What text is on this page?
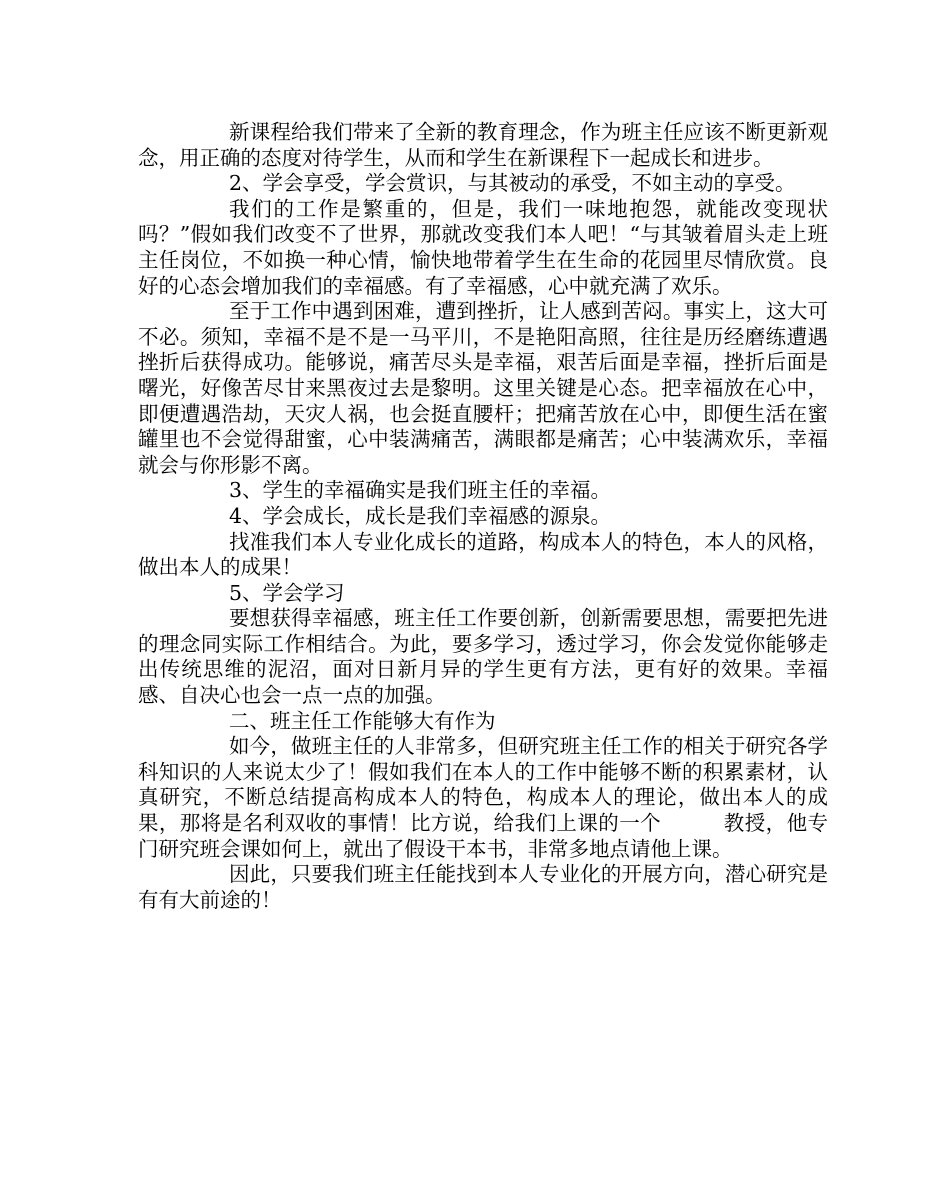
新课程给我们带来了全新的教育理念，作为班主任应该不断更新观念，用正确的态度对待学生，从而和学生在新课程下一起成长和进步。

2、学会享受，学会赏识，与其被动的承受，不如主动的享受。

我们的工作是繁重的，但是，我们一味地抱怨，就能改变现状吗？”假如我们改变不了世界，那就改变我们本人吧！“与其皱着眉头走上班主任岗位，不如换一种心情，愉快地带着学生在生命的花园里尽情欣赏。良好的心态会增加我们的幸福感。有了幸福感，心中就充满了欢乐。

至于工作中遇到困难，遭到挫折，让人感到苦闷。事实上，这大可不必。须知，幸福不是不是一马平川，不是艳阳高照，往往是历经磨练遭遇挫折后获得成功。能够说，痛苦尽头是幸福，艰苦后面是幸福，挫折后面是曙光，好像苦尽甘来黑夜过去是黎明。这里关键是心态。把幸福放在心中，即便遭遇浩劫，天灾人祸，也会挺直腰杆；把痛苦放在心中，即便生活在蜜罐里也不会觉得甜蜜，心中装满痛苦，满眼都是痛苦；心中装满欢乐，幸福就会与你形影不离。

3、学生的幸福确实是我们班主任的幸福。

4、学会成长，成长是我们幸福感的源泉。

找准我们本人专业化成长的道路，构成本人的特色，本人的风格，做出本人的成果！

5、学会学习

要想获得幸福感，班主任工作要创新，创新需要思想，需要把先进的理念同实际工作相结合。为此，要多学习，透过学习，你会发觉你能够走出传统思维的泥沼，面对日新月异的学生更有方法，更有好的效果。幸福感、自决心也会一点一点的加强。

二、班主任工作能够大有作为

如今，做班主任的人非常多，但研究班主任工作的相关于研究各学科知识的人来说太少了！假如我们在本人的工作中能够不断的积累素材，认真研究，不断总结提高构成本人的特色，构成本人的理论，做出本人的成果，那将是名利双收的事情！比方说，给我们上课的一个　　　教授，他专门研究班会课如何上，就出了假设干本书，非常多地点请他上课。

因此，只要我们班主任能找到本人专业化的开展方向，潜心研究是有有大前途的！
